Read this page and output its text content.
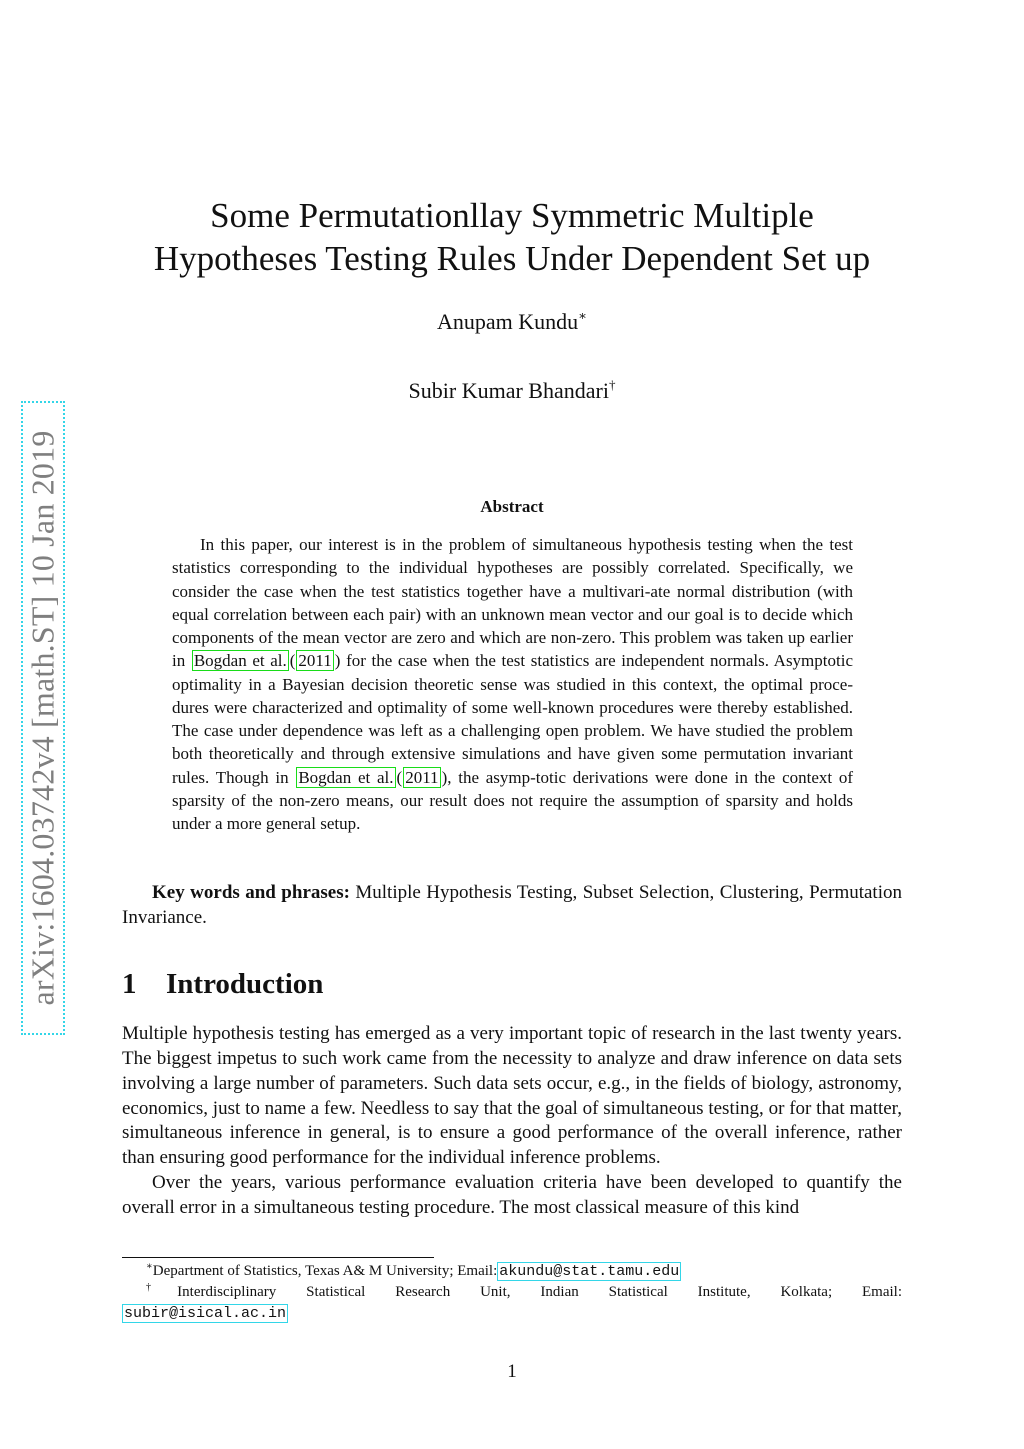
arXiv:1604.03742v4 [math.ST] 10 Jan 2019
Some Permutationllay Symmetric Multiple
Hypotheses Testing Rules Under Dependent Set up
Anupam Kundu∗
Subir Kumar Bhandari†
Abstract

In this paper, our interest is in the problem of simultaneous hypothesis testing when the test statistics corresponding to the individual hypotheses are possibly correlated. Specifically, we consider the case when the test statistics together have a multivari-ate normal distribution (with equal correlation between each pair) with an unknown mean vector and our goal is to decide which components of the mean vector are zero and which are non-zero. This problem was taken up earlier in Bogdan et al. ( 2011 ) for the case when the test statistics are independent normals. Asymptotic optimality in a Bayesian decision theoretic sense was studied in this context, the optimal proce-dures were characterized and optimality of some well-known procedures were thereby established. The case under dependence was left as a challenging open problem. We have studied the problem both theoretically and through extensive simulations and have given some permutation invariant rules. Though in Bogdan et al. ( 2011 ), the asymp-totic derivations were done in the context of sparsity of the non-zero means, our result does not require the assumption of sparsity and holds under a more general setup.

Key words and phrases: Multiple Hypothesis Testing, Subset Selection, Clustering, Permutation Invariance.

1 Introduction

Multiple hypothesis testing has emerged as a very important topic of research in the last twenty years. The biggest impetus to such work came from the necessity to analyze and draw inference on data sets involving a large number of parameters. Such data sets occur, e.g., in the fields of biology, astronomy, economics, just to name a few. Needless to say that the goal of simultaneous testing, or for that matter, simultaneous inference in general, is to ensure a good performance of the overall inference, rather than ensuring good performance for the individual inference problems.

Over the years, various performance evaluation criteria have been developed to quantify the overall error in a simultaneous testing procedure. The most classical measure of this kind

∗Department of Statistics, Texas A& M University; Email: akundu@stat.tamu.edu

†Interdisciplinary Statistical Research Unit, Indian Statistical Institute, Kolkata; Email:

subir@isical.ac.in

1
